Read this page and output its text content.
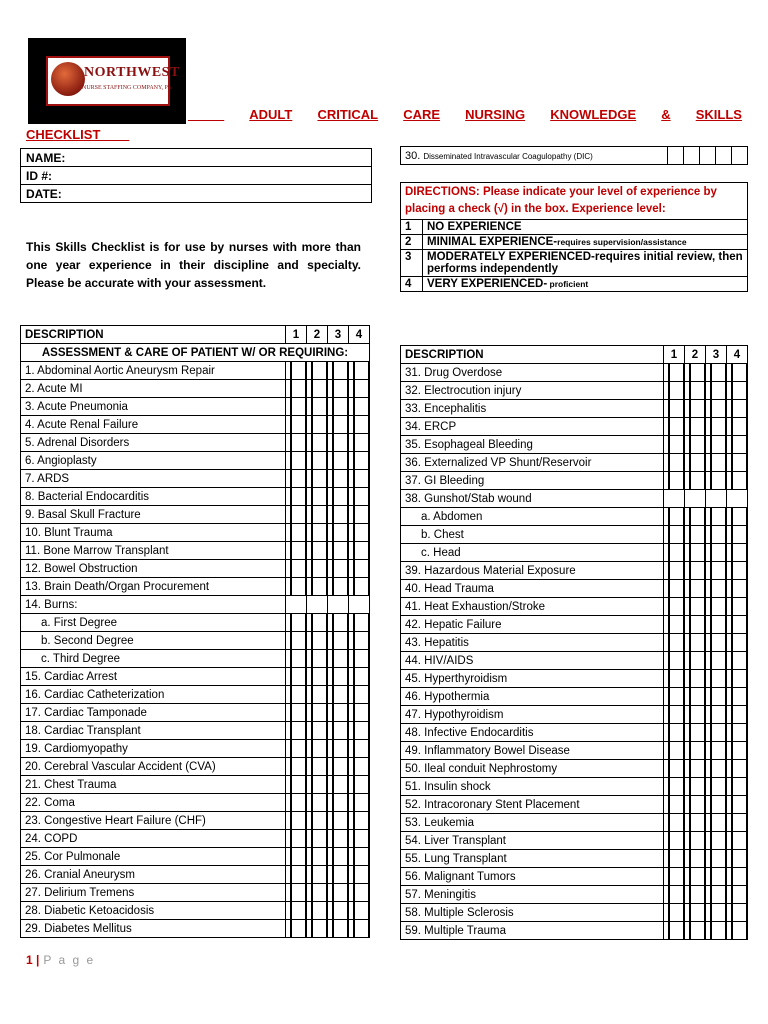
NORTHWEST
NURSE STAFFING COMPANY, PA
_____ ADULT CRITICAL CARE NURSING KNOWLEDGE & SKILLS
CHECKLIST____
NAME:
ID #:
DATE:
This Skills Checklist is for use by nurses with more than one year experience in their discipline and specialty. Please be accurate with your assessment.
30. Disseminated Intravascular Coagulopathy (DIC)					
DIRECTIONS: Please indicate your level of experience by placing a check (√) in the box. Experience level:	
1	NO EXPERIENCE
2	MINIMAL EXPERIENCE-requires supervision/assistance
3	MODERATELY EXPERIENCED-requires initial review, then performs independently
4	VERY EXPERIENCED- proficient
DESCRIPTION	1	2	3	4
ASSESSMENT & CARE OF PATIENT W/ OR REQUIRING:				
1. Abdominal Aortic Aneurysm Repair				
2. Acute MI				
3. Acute Pneumonia				
4. Acute Renal Failure				
5. Adrenal Disorders				
6. Angioplasty				
7. ARDS				
8. Bacterial Endocarditis				
9. Basal Skull Fracture				
10. Blunt Trauma				
11. Bone Marrow Transplant				
12. Bowel Obstruction				
13. Brain Death/Organ Procurement				
14. Burns:				
a. First Degree				
b. Second Degree				
c. Third Degree				
15. Cardiac Arrest				
16. Cardiac Catheterization				
17. Cardiac Tamponade				
18. Cardiac Transplant				
19. Cardiomyopathy				
20. Cerebral Vascular Accident (CVA)				
21. Chest Trauma				
22. Coma				
23. Congestive Heart Failure (CHF)				
24. COPD				
25. Cor Pulmonale				
26. Cranial Aneurysm				
27. Delirium Tremens				
28. Diabetic Ketoacidosis				
29. Diabetes Mellitus				
DESCRIPTION	1	2	3	4
31. Drug Overdose				
32. Electrocution injury				
33. Encephalitis				
34. ERCP				
35. Esophageal Bleeding				
36. Externalized VP Shunt/Reservoir				
37. GI Bleeding				
38. Gunshot/Stab wound				
a. Abdomen				
b. Chest				
c. Head				
39. Hazardous Material Exposure				
40. Head Trauma				
41. Heat Exhaustion/Stroke				
42. Hepatic Failure				
43. Hepatitis				
44. HIV/AIDS				
45. Hyperthyroidism				
46. Hypothermia				
47. Hypothyroidism				
48. Infective Endocarditis				
49. Inflammatory Bowel Disease				
50. Ileal conduit Nephrostomy				
51. Insulin shock				
52. Intracoronary Stent Placement				
53. Leukemia				
54. Liver Transplant				
55. Lung Transplant				
56. Malignant Tumors				
57. Meningitis				
58. Multiple Sclerosis				
59. Multiple Trauma				
1 | P a g e
